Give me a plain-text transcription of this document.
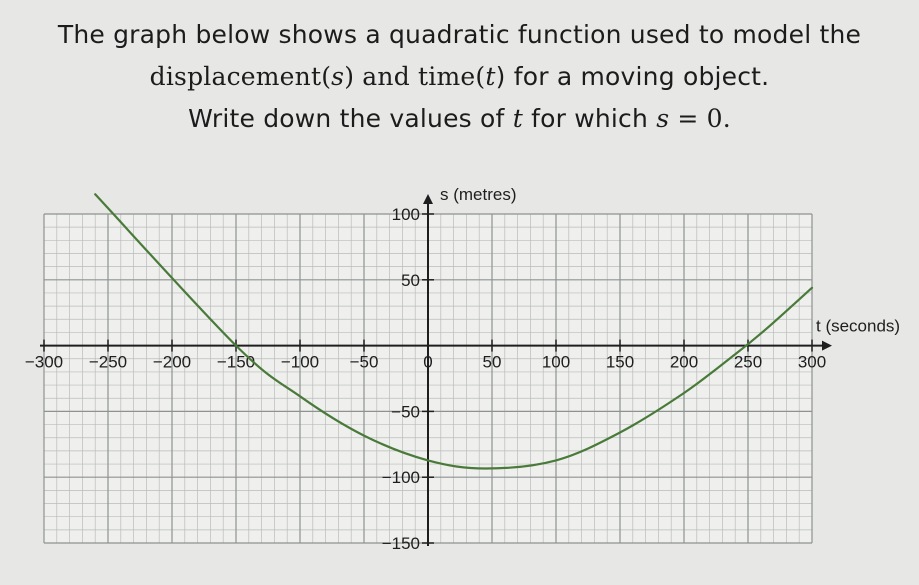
The graph below shows a quadratic function used to model the

displacement(s) and time(t) for a moving object.

Write down the values of t for which s = 0.

−300 −250 −200 −150 −100 −50	0	50 100 150 200 250 300
100
50
−50
−100
−150
t (seconds)
s (metres)
